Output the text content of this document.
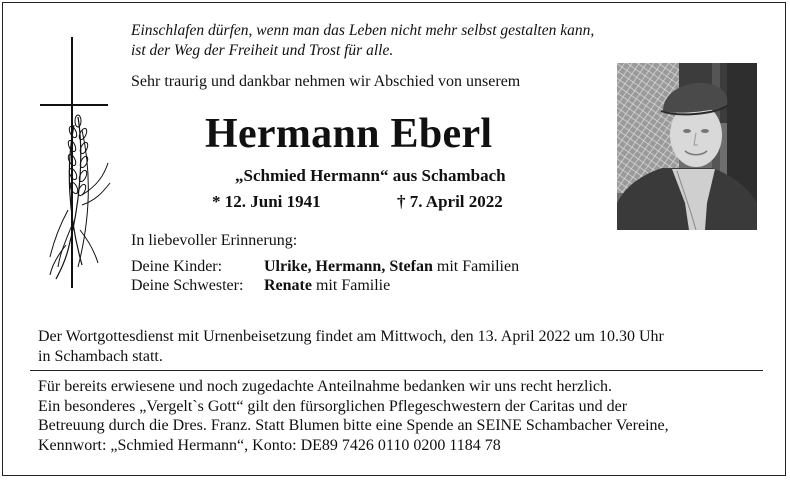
Einschlafen dürfen, wenn man das Leben nicht mehr selbst gestalten kann,
ist der Weg der Freiheit und Trost für alle.
Sehr traurig und dankbar nehmen wir Abschied von unserem
Hermann Eberl
„Schmied Hermann“ aus Schambach
* 12. Juni 1941	† 7. April 2022
In liebevoller Erinnerung:
Deine Kinder:	Ulrike, Hermann, Stefan mit Familien
Deine Schwester: Renate mit Familie
Der Wortgottesdienst mit Urnenbeisetzung findet am Mittwoch, den 13. April 2022 um 10.30 Uhr
in Schambach statt.
Für bereits erwiesene und noch zugedachte Anteilnahme bedanken wir uns recht herzlich.
Ein besonderes „Vergelt`s Gott“ gilt den fürsorglichen Pflegeschwestern der Caritas und der
Betreuung durch die Dres. Franz. Statt Blumen bitte eine Spende an SEINE Schambacher Vereine,
Kennwort: „Schmied Hermann“, Konto: DE89 7426 0110 0200 1184 78
